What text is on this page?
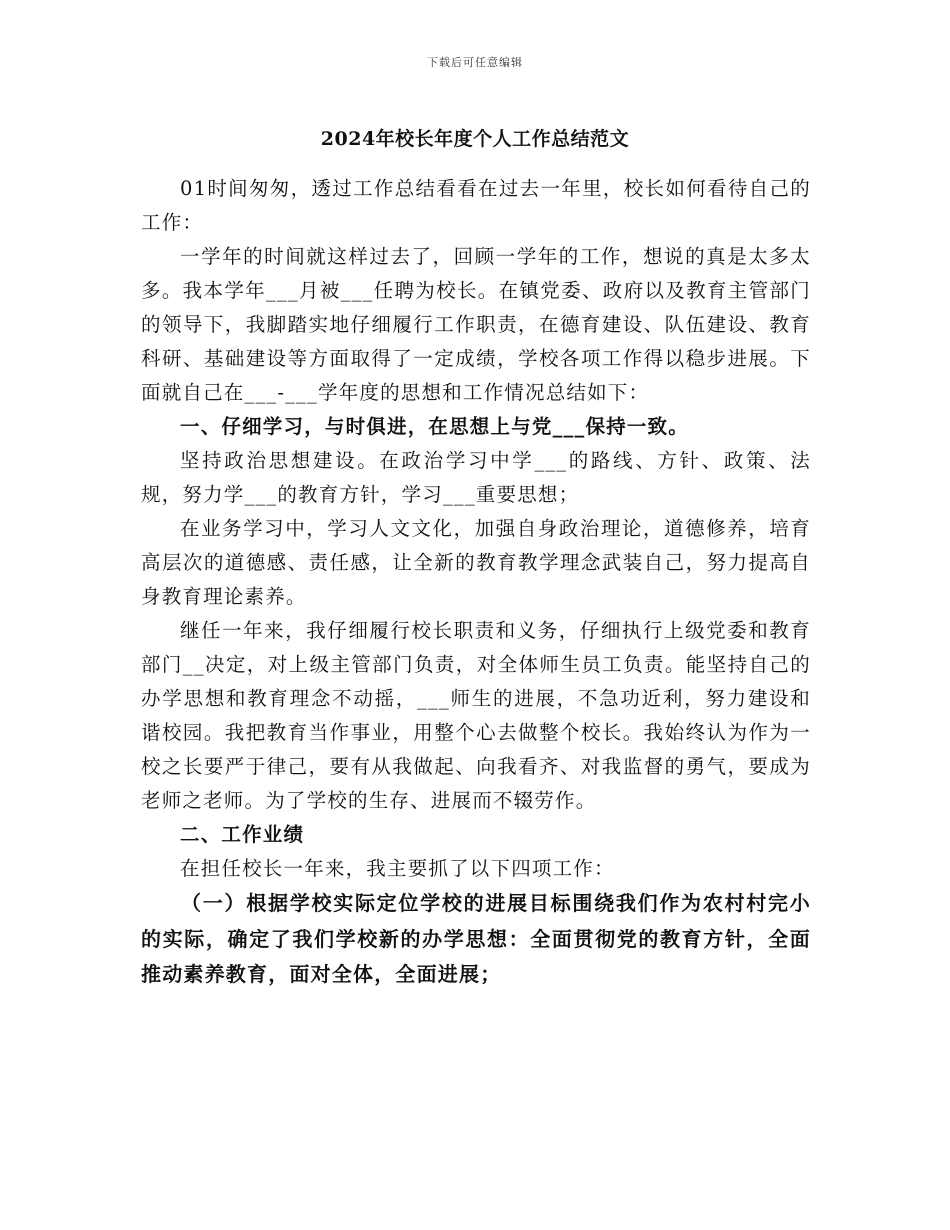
下载后可任意编辑
2024年校长年度个人工作总结范文

01时间匆匆，透过工作总结看看在过去一年里，校长如何看待自己的工作：

一学年的时间就这样过去了，回顾一学年的工作，想说的真是太多太多。我本学年___月被___任聘为校长。在镇党委、政府以及教育主管部门的领导下，我脚踏实地仔细履行工作职责，在德育建设、队伍建设、教育科研、基础建设等方面取得了一定成绩，学校各项工作得以稳步进展。下面就自己在___-___学年度的思想和工作情况总结如下：

一、仔细学习，与时俱进，在思想上与党___保持一致。

坚持政治思想建设。在政治学习中学___的路线、方针、政策、法规，努力学___的教育方针，学习___重要思想；

在业务学习中，学习人文文化，加强自身政治理论，道德修养，培育高层次的道德感、责任感，让全新的教育教学理念武装自己，努力提高自身教育理论素养。

继任一年来，我仔细履行校长职责和义务，仔细执行上级党委和教育部门__决定，对上级主管部门负责，对全体师生员工负责。能坚持自己的办学思想和教育理念不动摇，___师生的进展，不急功近利，努力建设和谐校园。我把教育当作事业，用整个心去做整个校长。我始终认为作为一校之长要严于律己，要有从我做起、向我看齐、对我监督的勇气，要成为老师之老师。为了学校的生存、进展而不辍劳作。

二、工作业绩

在担任校长一年来，我主要抓了以下四项工作：

（一）根据学校实际定位学校的进展目标围绕我们作为农村村完小的实际，确定了我们学校新的办学思想：全面贯彻党的教育方针，全面推动素养教育，面对全体，全面进展；
